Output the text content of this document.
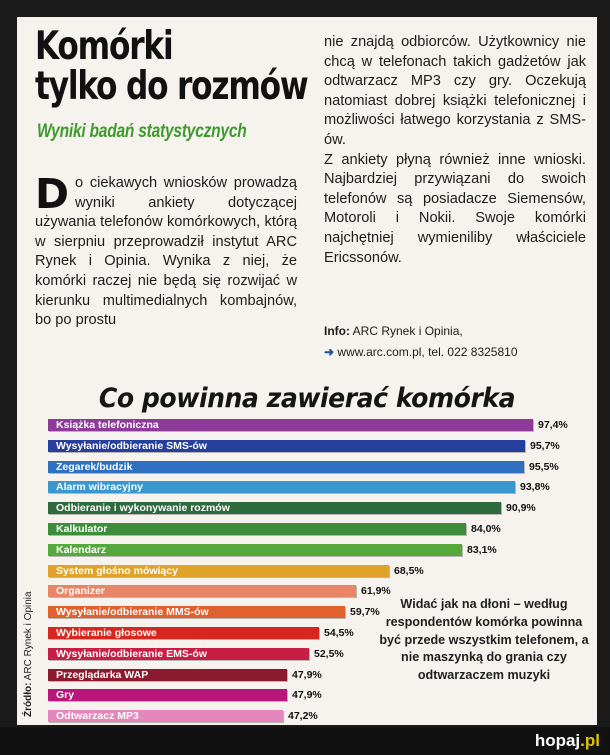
Komórki
tylko do rozmów
Wyniki badań statystycznych

Do ciekawych wniosków prowadzą wyniki ankiety dotyczącej używania telefonów komórkowych, którą w sierpniu przeprowadził instytut ARC Rynek i Opinia. Wynika z niej, że komórki raczej nie będą się rozwijać w kierunku multimedialnych kombajnów, bo po prostu

nie znajdą odbiorców. Użytkownicy nie chcą w telefonach takich gadżetów jak odtwarzacz MP3 czy gry. Oczekują natomiast dobrej książki telefonicznej i możliwości łatwego korzystania z SMS-ów.

Z ankiety płyną również inne wnioski. Najbardziej przywiązani do swoich telefonów są posiadacze Siemensów, Motoroli i Nokii. Swoje komórki najchętniej wymieniliby właściciele Ericssonów.

Info: ARC Rynek i Opinia,
➜ www.arc.com.pl, tel. 022 8325810
Co powinna zawierać komórka
Książka telefoniczna	97,4%
Wysyłanie/odbieranie SMS-ów	95,7%
Zegarek/budzik	95,5%
Alarm wibracyjny	93,8%
Odbieranie i wykonywanie rozmów	90,9%
Kalkulator	84,0%
Kalendarz	83,1%
System głośno mówiący	68,5%
Organizer	61,9%
Wysyłanie/odbieranie MMS-ów	59,7%
Wybieranie głosowe	54,5%
Wysyłanie/odbieranie EMS-ów	52,5%
Przeglądarka WAP	47,9%
Gry	47,9%
Odtwarzacz MP3	47,2%
Źródło: ARC Rynek i Opinia	Widać jak na dłoni – według respondentów komórka powinna być przede wszystkim telefonem, a nie maszynką do grania czy odtwarzaczem muzyki
hopaj.pl
